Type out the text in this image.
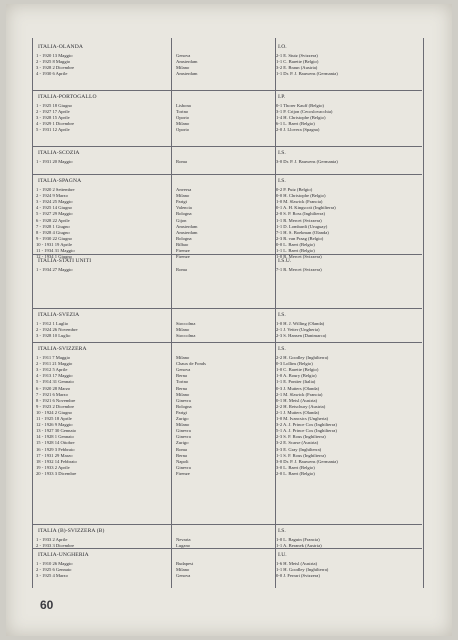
ITALIA-OLANDA	I.O.
1 - 1920 13 Maggio	Genova	2-1 E. Stutz (Svizzera)
2 - 1925 8 Maggio	Amsterdam	1-1 C. Barette (Belgio)
3 - 1928 2 Dicembre	Milano	3-2 E. Braun (Austria)
4 - 1930 6 Aprile	Amsterdam	1-1 Dr. P. J. Bauwens (Germania)
ITALIA-PORTOGALLO	I.P.
1 - 1925 18 Giugno	Lisbona	0-1 Thorer Kauff (Belgio)
2 - 1927 17 Aprile	Torino	3-1 P. Crijon (Cecoslovacchia)
3 - 1928 15 Aprile	Oporto	1-4 H. Christophe (Belgio)
4 - 1929 1 Dicembre	Milano	6-1 L. Baert (Belgio)
5 - 1931 12 Aprile	Oporto	2-0 J. Llovera (Spagna)
ITALIA-SCOZIA	I.S.
1 - 1931 20 Maggio	Roma	3-0 Dr. P. J. Bauwens (Germania)
ITALIA-SPAGNA	I.S.
1 - 1920 2 Settembre	Anversa	0-2 P. Putz (Belgio)
2 - 1924 9 Marzo	Milano	0-0 H. Christophe (Belgio)
3 - 1924 25 Maggio	Parigi	1-0 M. Slawick (Francia)
4 - 1925 14 Giugno	Valencia	0-1 A. H. Kingscott (Inghilterra)
5 - 1927 29 Maggio	Bologna	2-0 S. P. Ross (Inghilterra)
6 - 1928 22 Aprile	Gijon	1-1 R. Mercet (Svizzera)
7 - 1928 1 Giugno	Amsterdam	1-1 D. Lombardi (Uruguay)
8 - 1928 4 Giugno	Amsterdam	7-1 H. S. Boekman (Olanda)
9 - 1930 22 Giugno	Bologna	2-3 R. van Praag (Belgio)
10 - 1931 19 Aprile	Bilbao	0-0 L. Baert (Belgio)
11 - 1934 31 Maggio	Firenze	1-1 L. Baert (Belgio)
12 - 1934 1 Giugno	Firenze	1-0 R. Mercet (Svizzera)
ITALIA-STATI UNITI	I.S.U.
1 - 1934 27 Maggio	Roma	7-1 R. Mercet (Svizzera)
ITALIA-SVEZIA	I.S.
1 - 1912 1 Luglio	Stoccolma	1-0 H. J. Willing (Olanda)
2 - 1924 26 Novembre	Milano	2-1 J. Vetter (Ungheria)
3 - 1928 10 Luglio	Stoccolma	2-3 S. Hansen (Danimarca)
ITALIA-SVIZZERA	I.S.
1 - 1911 7 Maggio	Milano	2-2 H. Goodley (Inghilterra)
2 - 1911 21 Maggio	Chaux de Fonds	0-3 Lollins (Belgio)
3 - 1912 5 Aprile	Genova	1-0 C. Barette (Belgio)
4 - 1913 17 Maggio	Berna	1-0 A. Boury (Belgio)
5 - 1914 31 Gennaio	Torino	1-1 E. Pontier (Italia)
6 - 1920 28 Marzo	Berna	0-3 J. Mutters (Olanda)
7 - 1921 6 Marzo	Milano	2-1 M. Slawick (Francia)
8 - 1921 6 Novembre	Ginevra	0-1 H. Meisl (Austria)
9 - 1923 2 Dicembre	Bologna	2-2 H. Retschury (Austria)
10 - 1924 2 Giugno	Parigi	2-1 J. Mutters (Olanda)
11 - 1925 18 Aprile	Zurigo	1-0 M. Ivancsics (Ungheria)
12 - 1926 9 Maggio	Milano	3-2 A. J. Prince Cox (Inghilterra)
13 - 1927 30 Gennaio	Ginevra	5-1 A. J. Prince Cox (Inghilterra)
14 - 1928 1 Gennaio	Ginevra	2-3 S. F. Rous (Inghilterra)
15 - 1928 14 Ottobre	Zurigo	3-2 E. Scarse (Austria)
16 - 1929 3 Febbraio	Roma	3-3 E. Gray (Inghilterra)
17 - 1931 29 Marzo	Berna	1-1 S. F. Rous (Inghilterra)
18 - 1932 14 Febbraio	Napoli	3-0 Dr. P. J. Bauwens (Germania)
19 - 1933 2 Aprile	Ginevra	3-0 L. Baert (Belgio)
20 - 1933 3 Dicembre	Firenze	2-0 L. Baert (Belgio)
ITALIA (B)-SVIZZERA (B)	I.S.
1 - 1933 2 Aprile	Nevaria	1-0 L. Baguin (Francia)
2 - 1933 3 Dicembre	Lugano	1-1 A. Beranek (Austria)
ITALIA-UNGHERIA	I.U.
1 - 1910 26 Maggio	Budapest	1-6 H. Meisl (Austria)
2 - 1925 6 Gennaio	Milano	1-1 H. Goodley (Inghilterra)
3 - 1925 4 Marzo	Genova	0-0 J. Ferrari (Svizzera)
60
